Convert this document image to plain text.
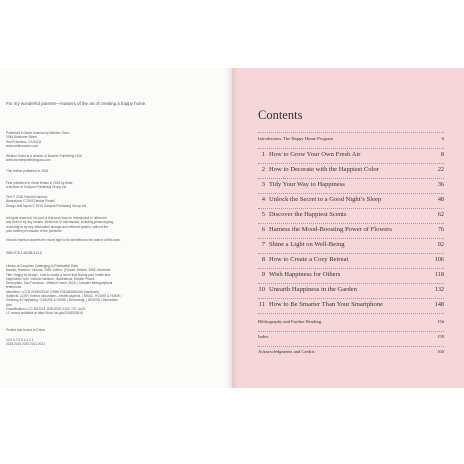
For my wonderful parents—masters of the art of creating a happy home.
Published in North America by Weldon Owen
1045 Sansome Street
San Francisco, CA 94111
www.weldonowen.com
Weldon Owen is a division of Bonnier Publishing USA
www.bonnierpublishingusa.com
This edition published in 2018.
First published in Great Britain in 2018 by Aster,
a division of Octopus Publishing Group Ltd
Text © 2018 Victoria Harrison
Illustrations © 2018 Debbie Powell
Design and layout © 2018 Octopus Publishing Group Ltd
All rights reserved. No part of this work may be reproduced or utilized in
any form or by any means, electronic or mechanical, including photocopying,
recording or by any information storage and retrieval system, without the
prior written permission of the publisher.
Victoria Harrison asserts the moral right to be identified as the author of this work.
ISBN 978-1-68188-413-8
Library of Congress Cataloging-in-Publication Data
Names: Harrison, Victoria, 1980- author. | Powell, Debbie, 1982- illustrator.
Title: Happy by design : how to create a home that boosts your health and
happiness / text: Victoria Harrison ; illustrations: Debbie Powell.
Description: San Francisco : Weldon Owen, 2018. | Includes bibliographical
references.
Identifiers: LCCN 2018002616 | ISBN 9781681884158 (hardback)
Subjects: LCSH: Interior decoration—Health aspects. | BISAC: HOUSE & HOME /
Cleaning & Caretaking. | HOUSE & HOME / Decorating. | DESIGN / Decorative
Arts.
Classification: LCC NK2113 .H35 2018 | DDC 747--dc23
LC record available at https://lccn.loc.gov/2018002616
Printed and bound in China
10 9 8 7 6 5 4 3 2 1
2018 2019 2020 2021 2022
Contents
Introduction: The Happy Home Program	6
1 How to Grow Your Own Fresh Air	8
2 How to Decorate with the Happiest Color	22
3 Tidy Your Way to Happiness	36
4 Unlock the Secret to a Good Night’s Sleep	48
5 Discover the Happiest Scents	62
6 Harness the Mood-Boosting Power of Flowers	76
7 Shine a Light on Well-Being	92
8 How to Create a Cozy Retreat	106
9 Wish Happiness for Others	118
10 Unearth Happiness in the Garden	132
11 How to Be Smarter Than Your Smartphone	148
Bibliography and Further Reading	156
Index	158
Acknowledgments and Credits	160
